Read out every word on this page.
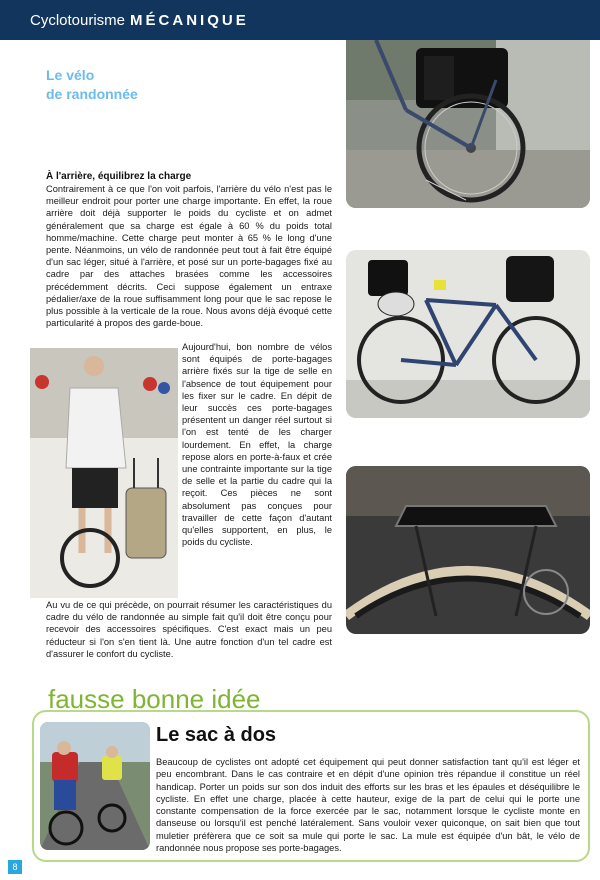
Cyclotourisme MÉCANIQUE
L'arrière est assez long pour que le sac soit situé sur l'axe de la roue.
Le porte-bagages avant n'est pas utilisé tandis que l'arrière est trop chargé. La charge est en arrière de l'axe de la roue et repose seulement sur la tige de selle.
Solide porte-bagages arrière... remarquablement arrimé au cadre pour une fiabilité maximum !
Le vélo
de randonnée
À l'arrière, équilibrez la charge

Contrairement à ce que l'on voit parfois, l'arrière du vélo n'est pas le meilleur endroit pour porter une charge importante. En effet, la roue arrière doit déjà supporter le poids du cycliste et on admet généralement que sa charge est égale à 60 % du poids total homme/machine. Cette charge peut monter à 65 % le long d'une pente. Néanmoins, un vélo de randonnée peut tout à fait être équipé d'un sac léger, situé à l'arrière, et posé sur un porte-bagages fixé au cadre par des attaches brasées comme les accessoires précédemment décrits. Ceci suppose également un entraxe pédalier/axe de la roue suffisamment long pour que le sac repose le plus possible à la verticale de la roue. Nous avons déjà évoqué cette particularité à propos des garde-boue.

Aujourd'hui, bon nombre de vélos sont équipés de porte-bagages arrière fixés sur la tige de selle en l'absence de tout équipement pour les fixer sur le cadre. En dépit de leur succès ces porte-bagages présentent un danger réel surtout si l'on est tenté de les charger lourdement. En effet, la charge repose alors en porte-à-faux et crée une contrainte importante sur la tige de selle et la partie du cadre qui la reçoit. Ces pièces ne sont absolument pas conçues pour travailler de cette façon d'autant qu'elles supportent, en plus, le poids du cycliste.

Au vu de ce qui précède, on pourrait résumer les caractéristiques du cadre du vélo de randonnée au simple fait qu'il doit être conçu pour recevoir des accessoires spécifiques. C'est exact mais un peu réducteur si l'on s'en tient là. Une autre fonction d'un tel cadre est d'assurer le confort du cycliste.

fausse bonne idée
Le sac à dos

Beaucoup de cyclistes ont adopté cet équipement qui peut donner satisfaction tant qu'il est léger et peu encombrant. Dans le cas contraire et en dépit d'une opinion très répandue il constitue un réel handicap. Porter un poids sur son dos induit des efforts sur les bras et les épaules et déséquilibre le cycliste. En effet une charge, placée à cette hauteur, exige de la part de celui qui le porte une constante compensation de la force exercée par le sac, notamment lorsque le cycliste monte en danseuse ou lorsqu'il est penché latéralement. Sans vouloir vexer quiconque, on sait bien que tout muletier préfèrera que ce soit sa mule qui porte le sac. La mule est équipée d'un bât, le vélo de randonnée nous propose ses porte-bagages.

8
